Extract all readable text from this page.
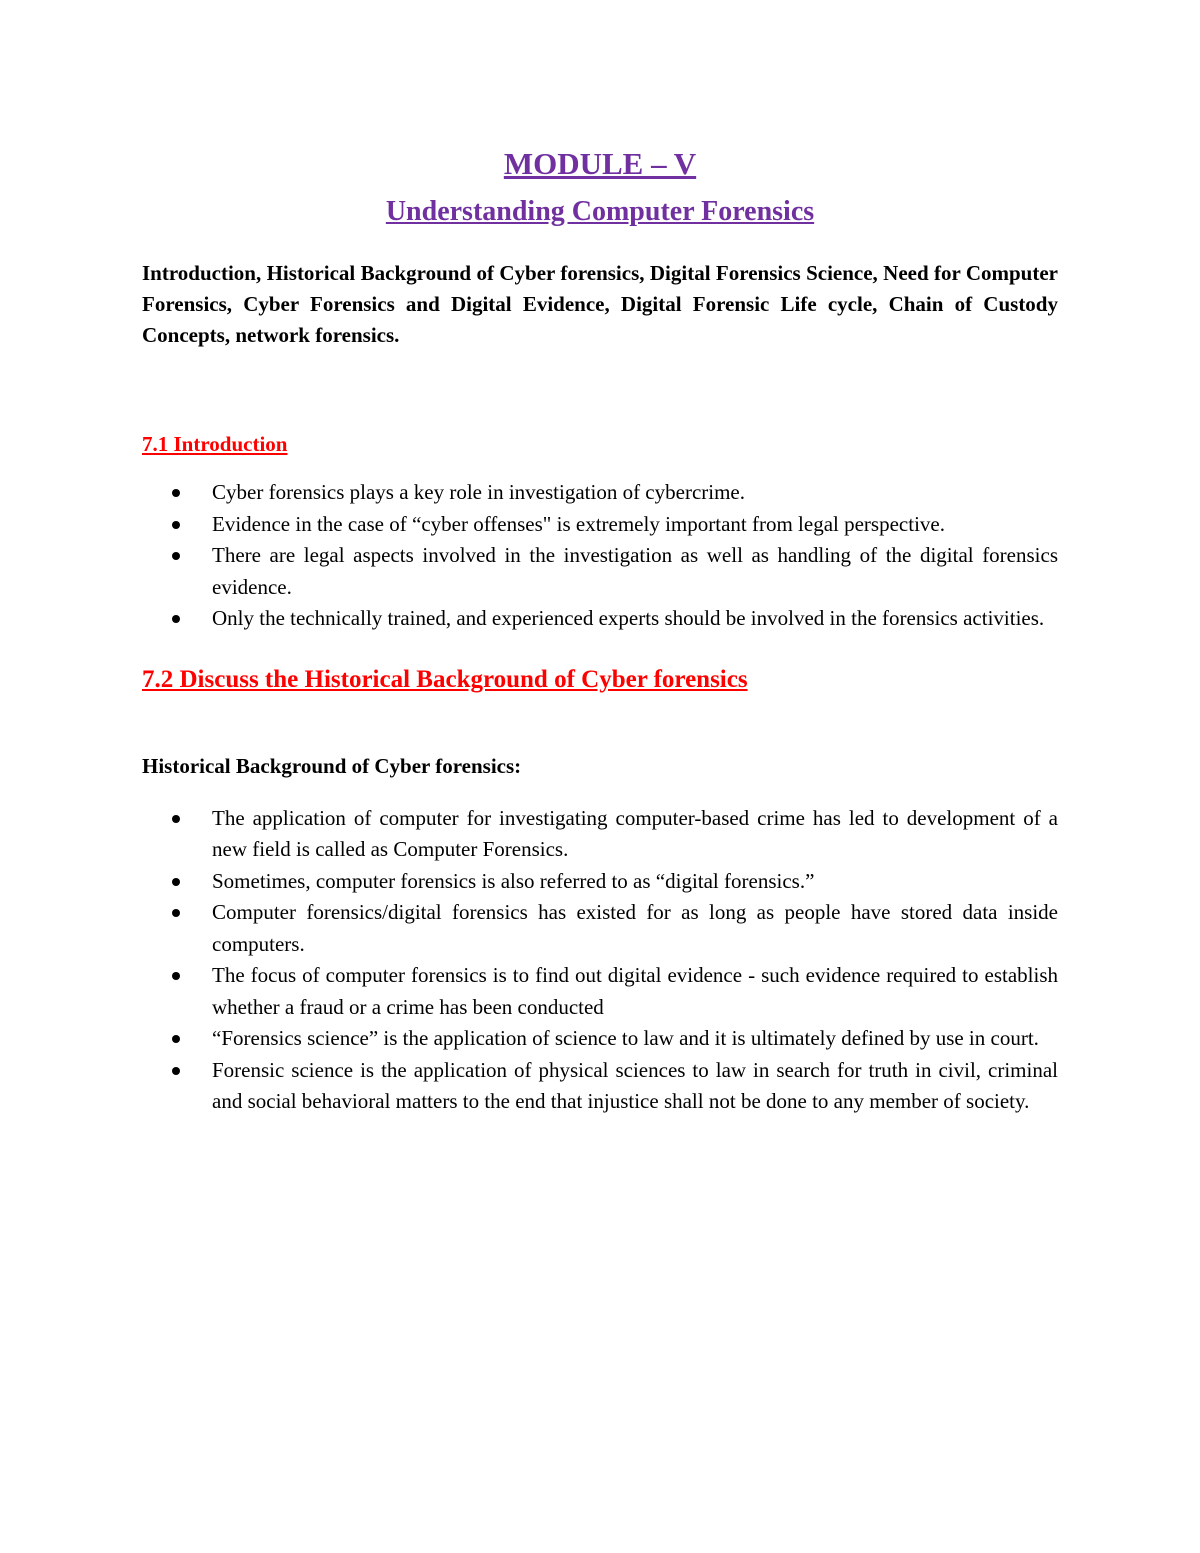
MODULE – V
Understanding Computer Forensics

Introduction, Historical Background of Cyber forensics, Digital Forensics Science, Need for Computer Forensics, Cyber Forensics and Digital Evidence, Digital Forensic Life cycle, Chain of Custody Concepts, network forensics.

7.1 Introduction
Cyber forensics plays a key role in investigation of cybercrime.
Evidence in the case of “cyber offenses" is extremely important from legal perspective.
There are legal aspects involved in the investigation as well as handling of the digital forensics evidence.
Only the technically trained, and experienced experts should be involved in the forensics activities.
7.2 Discuss the Historical Background of Cyber forensics
Historical Background of Cyber forensics:
The application of computer for investigating computer-based crime has led to development of a new field is called as Computer Forensics.
Sometimes, computer forensics is also referred to as “digital forensics.”
Computer forensics/digital forensics has existed for as long as people have stored data inside computers.
The focus of computer forensics is to find out digital evidence - such evidence required to establish whether a fraud or a crime has been conducted
“Forensics science” is the application of science to law and it is ultimately defined by use in court.
Forensic science is the application of physical sciences to law in search for truth in civil, criminal and social behavioral matters to the end that injustice shall not be done to any member of society.
